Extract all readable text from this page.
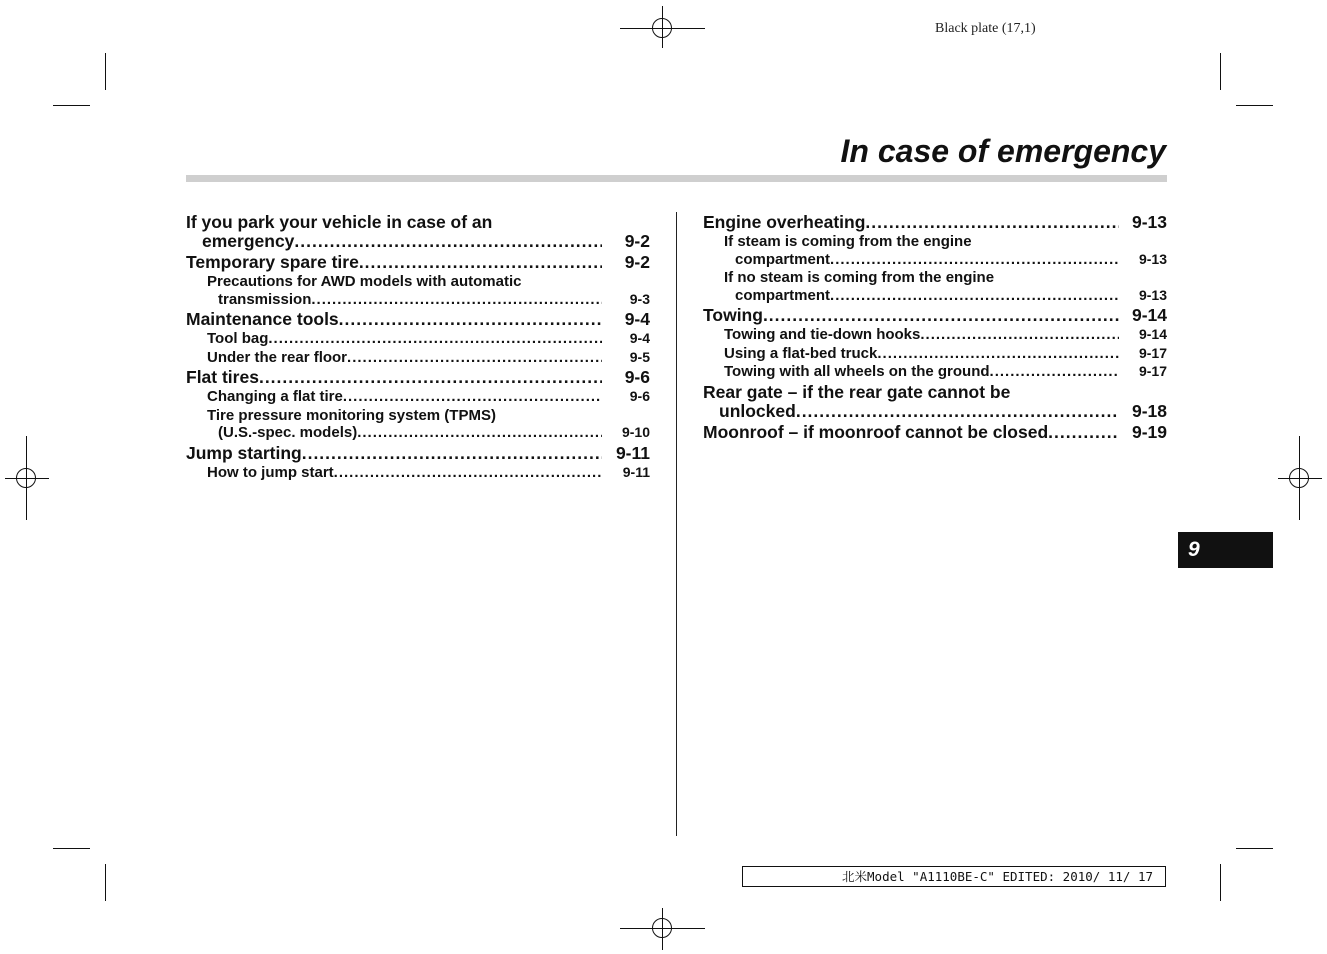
Black plate (17,1)
In case of emergency
If you park your vehicle in case of an
emergency .....	9-2
Temporary spare tire .....	9-2
Precautions for AWD models with automatic
transmission .....	9-3
Maintenance tools .....	9-4
Tool bag .....	9-4
Under the rear floor .....	9-5
Flat tires .....	9-6
Changing a flat tire .....	9-6
Tire pressure monitoring system (TPMS)
(U.S.-spec. models) .....	9-10
Jump starting .....	9-11
How to jump start .....	9-11
Engine overheating .....	9-13
If steam is coming from the engine
compartment .....	9-13
If no steam is coming from the engine
compartment .....	9-13
Towing .....	9-14
Towing and tie-down hooks .....	9-14
Using a flat-bed truck .....	9-17
Towing with all wheels on the ground .....	9-17
Rear gate – if the rear gate cannot be
unlocked .....	9-18
Moonroof – if moonroof cannot be closed .....	9-19
9
北米Model "A1110BE-C" EDITED: 2010/ 11/ 17
